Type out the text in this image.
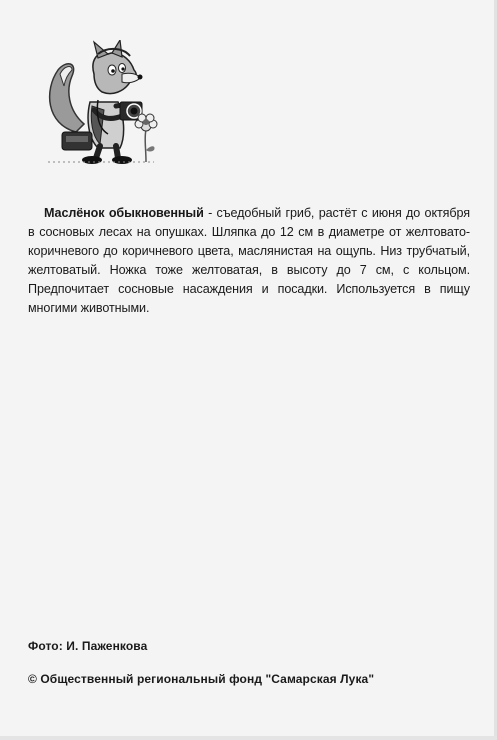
Маслёнок обыкновенный - съедобный гриб, растёт с июня до октября в сосновых лесах на опушках. Шляпка до 12 см в диаметре от желтовато-коричневого до коричневого цвета, маслянистая на ощупь. Низ трубчатый, желтоватый. Ножка тоже желтоватая, в высоту до 7 см, с кольцом. Предпочитает сосновые насаждения и посадки. Используется в пищу многими животными.

Фото: И. Паженкова
© Общественный региональный фонд "Самарская Лука"
